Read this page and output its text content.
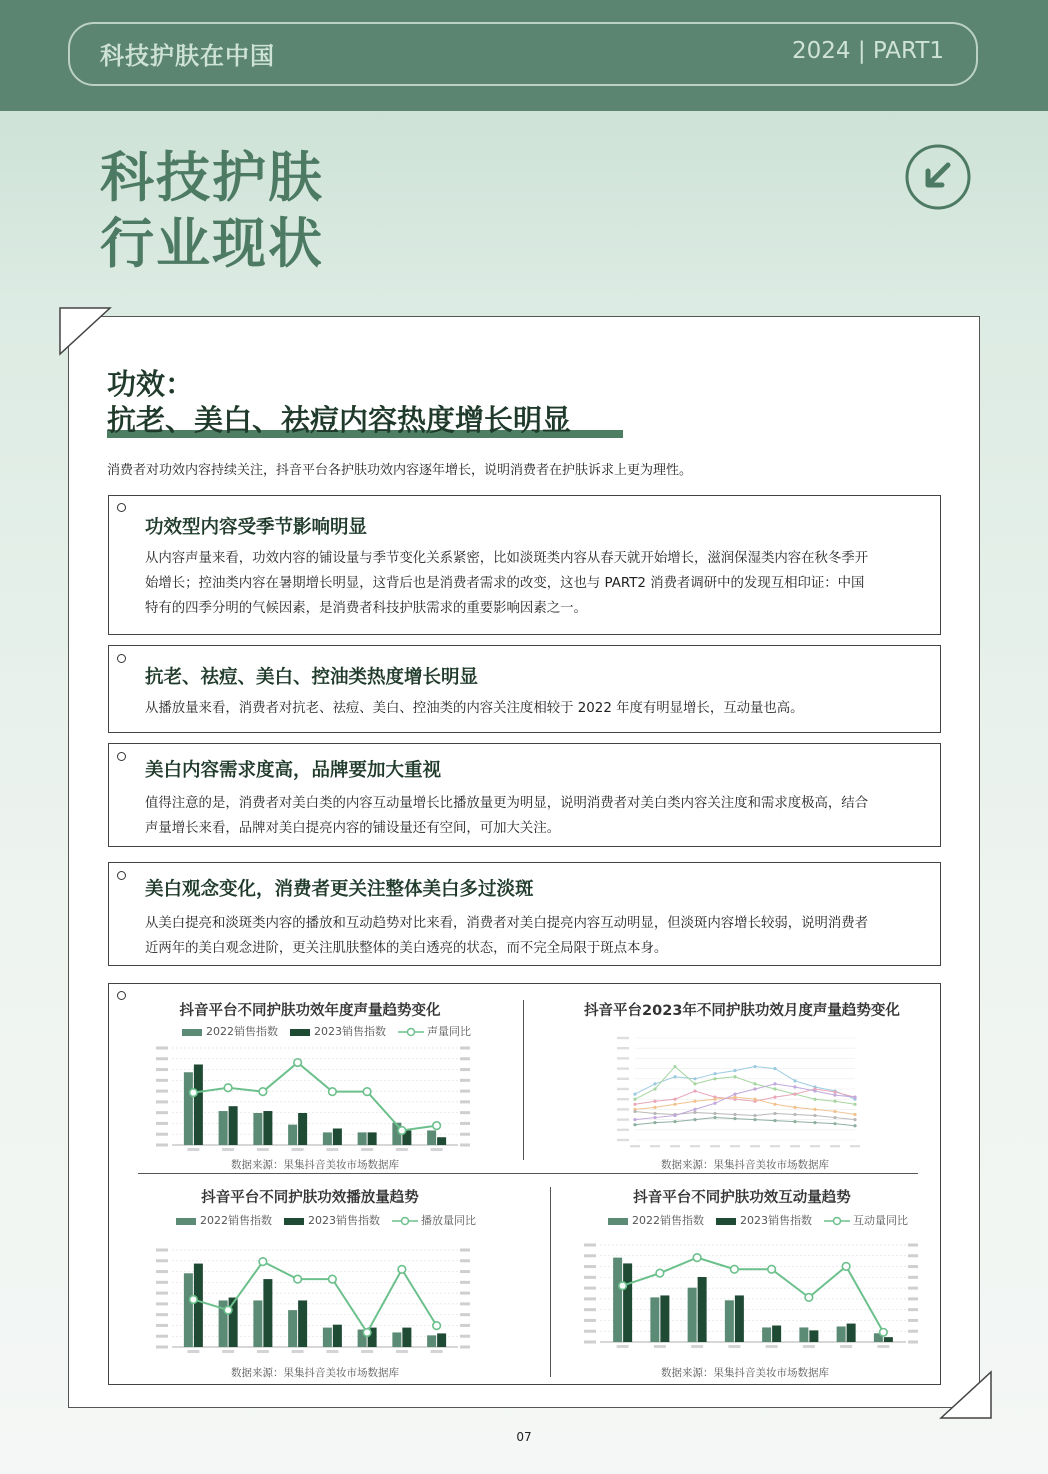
科技护肤在中国	2024 | PART1
科技护肤
行业现状
功效：
抗老、美白、祛痘内容热度增长明显
消费者对功效内容持续关注，抖音平台各护肤功效内容逐年增长，说明消费者在护肤诉求上更为理性。
功效型内容受季节影响明显
从内容声量来看，功效内容的铺设量与季节变化关系紧密，比如淡斑类内容从春天就开始增长，滋润保湿类内容在秋冬季开
始增长；控油类内容在暑期增长明显，这背后也是消费者需求的改变，这也与 PART2 消费者调研中的发现互相印证：中国
特有的四季分明的气候因素，是消费者科技护肤需求的重要影响因素之一。
抗老、祛痘、美白、控油类热度增长明显
从播放量来看，消费者对抗老、祛痘、美白、控油类的内容关注度相较于 2022 年度有明显增长，互动量也高。
美白内容需求度高，品牌要加大重视
值得注意的是，消费者对美白类的内容互动量增长比播放量更为明显，说明消费者对美白类内容关注度和需求度极高，结合
声量增长来看，品牌对美白提亮内容的铺设量还有空间，可加大关注。
美白观念变化，消费者更关注整体美白多过淡斑
从美白提亮和淡斑类内容的播放和互动趋势对比来看，消费者对美白提亮内容互动明显，但淡斑内容增长较弱，说明消费者
近两年的美白观念进阶，更关注肌肤整体的美白透亮的状态，而不完全局限于斑点本身。
抖音平台不同护肤功效年度声量趋势变化
2022销售指数	2023销售指数	声量同比
数据来源：果集抖音美妆市场数据库
抖音平台2023年不同护肤功效月度声量趋势变化
数据来源：果集抖音美妆市场数据库
抖音平台不同护肤功效播放量趋势
2022销售指数	2023销售指数	播放量同比
数据来源：果集抖音美妆市场数据库
抖音平台不同护肤功效互动量趋势
2022销售指数	2023销售指数	互动量同比
数据来源：果集抖音美妆市场数据库
07
